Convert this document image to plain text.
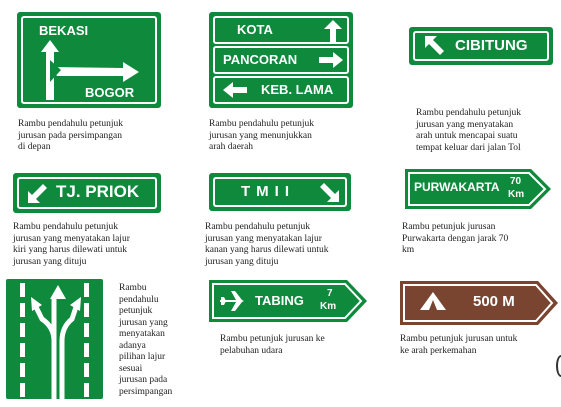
BEKASI
BOGOR
Rambu pendahulu petunjuk
jurusan pada persimpangan
di depan
KOTA
PANCORAN
KEB. LAMA
Rambu pendahulu petunjuk
jurusan yang menunjukkan
arah daerah
CIBITUNG
Rambu pendahulu petunjuk
jurusan yang menyatakan
arah untuk mencapai suatu
tempat keluar dari jalan Tol
TJ. PRIOK
Rambu pendahulu petunjuk
jurusan yang menyatakan lajur
kiri yang harus dilewati untuk
jurusan yang dituju
TMII
Rambu pendahulu petunjuk
jurusan yang menyatakan lajur
kanan yang harus dilewati untuk
jurusan yang dituju
PURWAKARTA 70
Km
Rambu petunjuk jurusan
Purwakarta dengan jarak 70
km
Rambu
pendahulu
petunjuk
jurusan yang
menyatakan
adanya
pilihan lajur
sesuai
jurusan pada
persimpangan
TABING 7
Km
Rambu petunjuk jurusan ke
pelabuhan udara
500 M
Rambu petunjuk jurusan untuk
ke arah perkemahan
